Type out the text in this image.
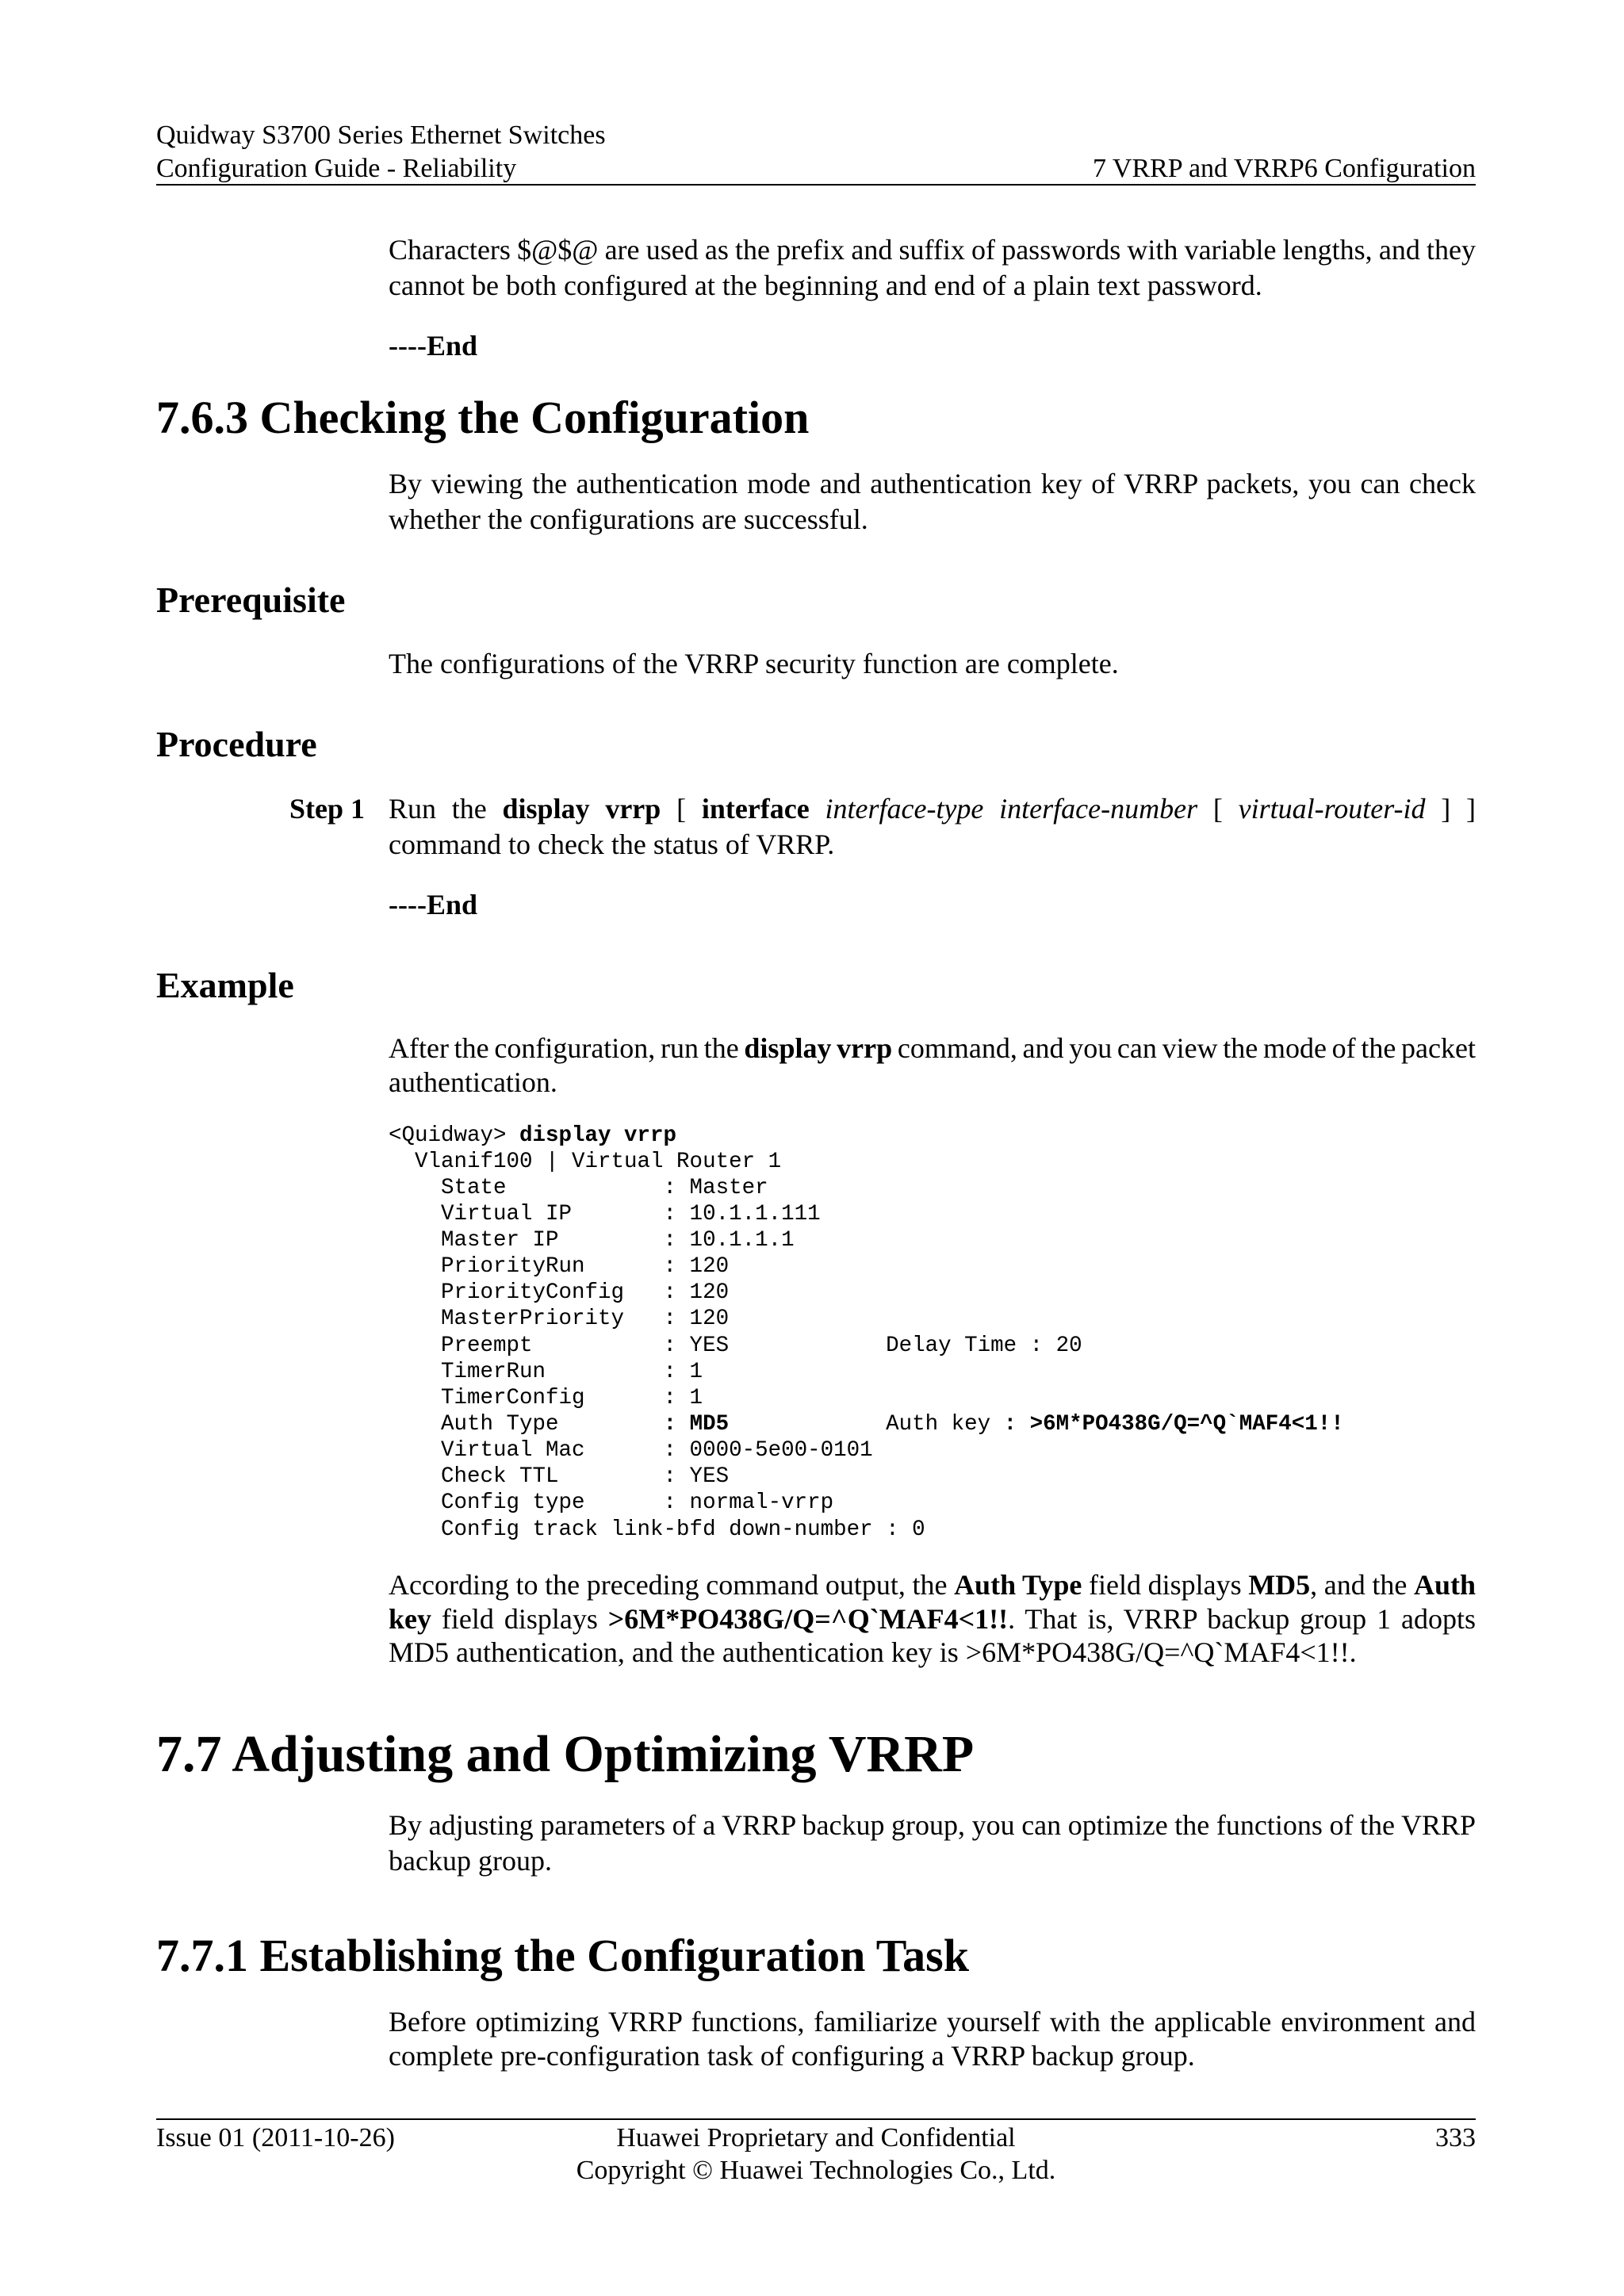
Quidway S3700 Series Ethernet Switches
Configuration Guide - Reliability	7 VRRP and VRRP6 Configuration
Characters $@$@ are used as the prefix and suffix of passwords with variable lengths, and they
cannot be both configured at the beginning and end of a plain text password.
----End
7.6.3 Checking the Configuration
By viewing the authentication mode and authentication key of VRRP packets, you can check
whether the configurations are successful.
Prerequisite
The configurations of the VRRP security function are complete.
Procedure
Step 1 Run the display vrrp [ interface interface-type interface-number [ virtual-router-id ] ]
command to check the status of VRRP.
----End
Example
After the configuration, run the display vrrp command, and you can view the mode of the packet
authentication.
<Quidway> display vrrp
Vlanif100 | Virtual Router 1
State            : Master
Virtual IP       : 10.1.1.111
Master IP        : 10.1.1.1
PriorityRun      : 120
PriorityConfig   : 120
MasterPriority   : 120
Preempt          : YES            Delay Time : 20
TimerRun         : 1
TimerConfig      : 1
Auth Type        : MD5            Auth key : >6M*PO438G/Q=^Q`MAF4<1!!
Virtual Mac      : 0000-5e00-0101
Check TTL        : YES
Config type      : normal-vrrp
Config track link-bfd down-number : 0
According to the preceding command output, the Auth Type field displays MD5, and the Auth
key field displays >6M*PO438G/Q=^Q`MAF4<1!!. That is, VRRP backup group 1 adopts
MD5 authentication, and the authentication key is >6M*PO438G/Q=^Q`MAF4<1!!.
7.7 Adjusting and Optimizing VRRP
By adjusting parameters of a VRRP backup group, you can optimize the functions of the VRRP
backup group.
7.7.1 Establishing the Configuration Task
Before optimizing VRRP functions, familiarize yourself with the applicable environment and
complete pre-configuration task of configuring a VRRP backup group.
Issue 01 (2011-10-26)	Huawei Proprietary and Confidential	333
Copyright © Huawei Technologies Co., Ltd.
